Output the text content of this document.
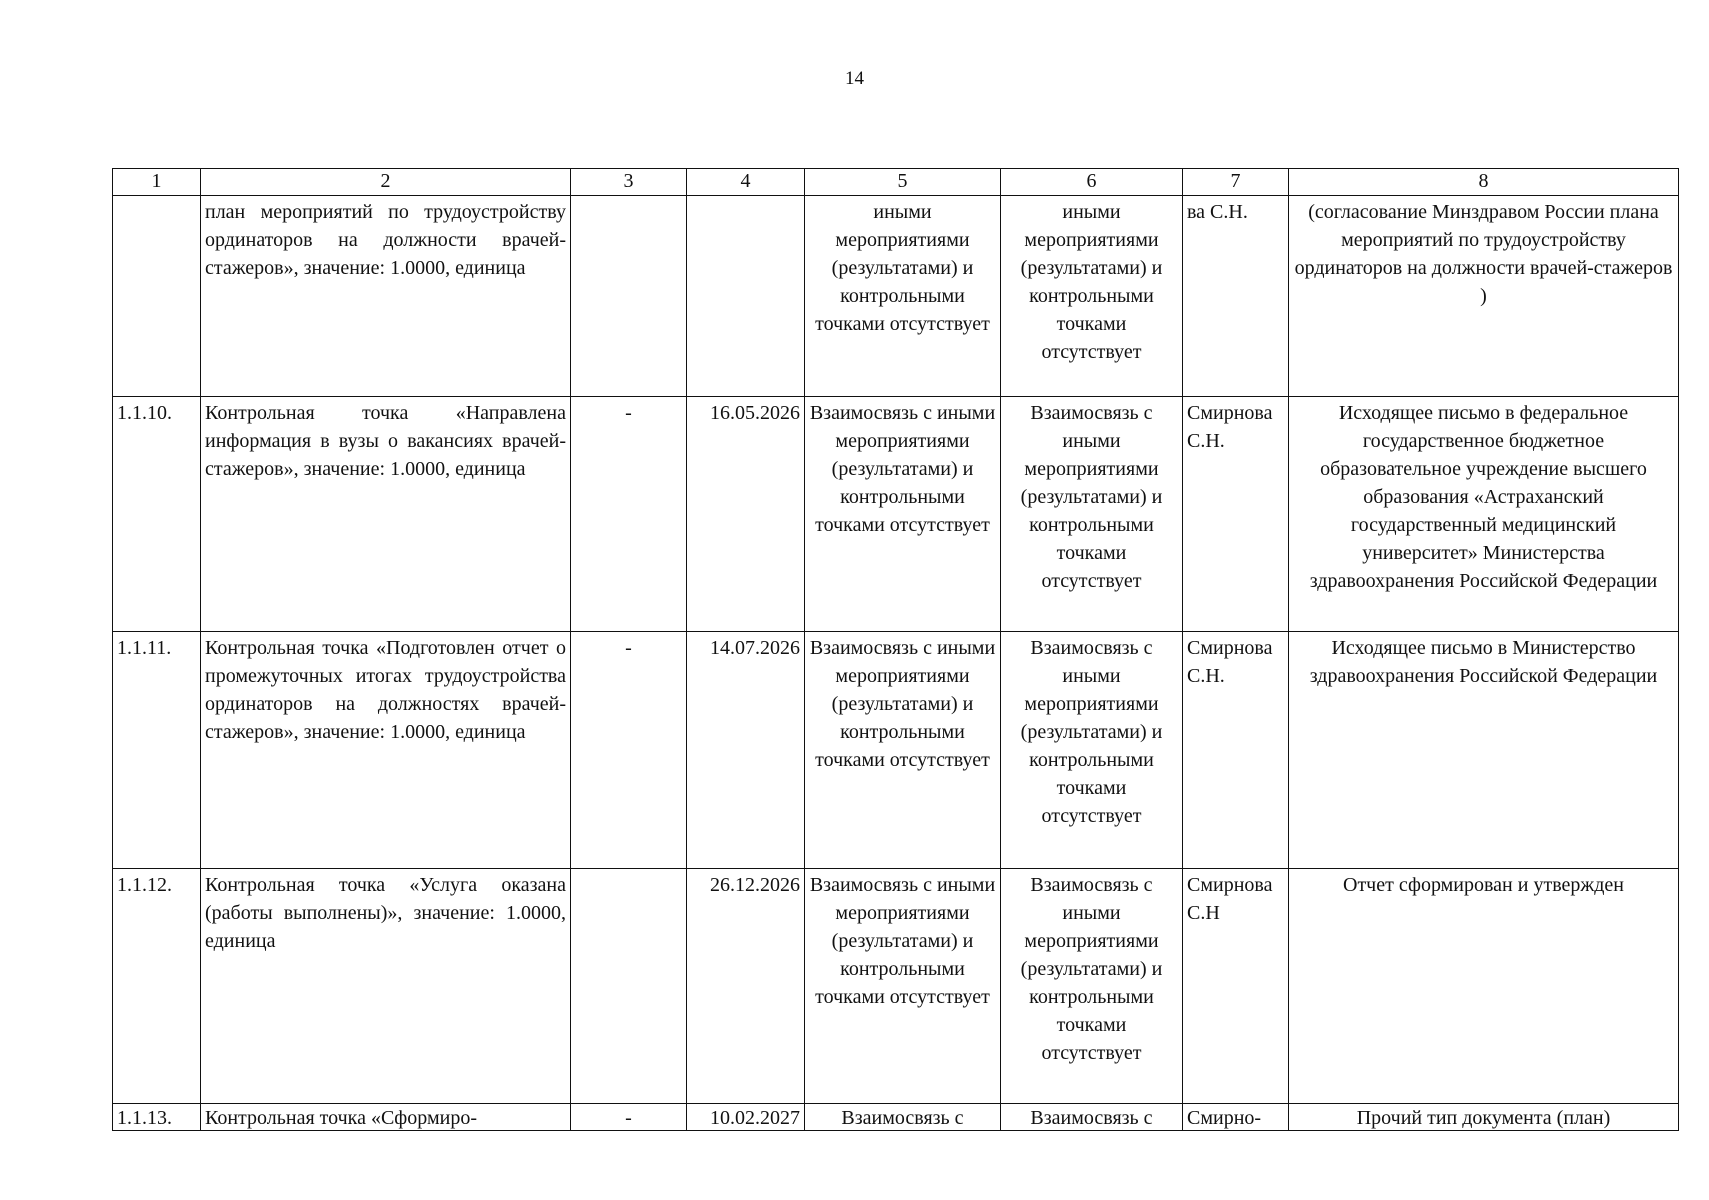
14
1	2	3	4	5	6	7	8
	план мероприятий по трудоустройству ординаторов на должности врачей-стажеров», значение: 1.0000, единица			иными мероприятиями (результатами) и контрольными точками отсутствует	иными мероприятиями (результатами) и контрольными точками отсутствует	ва С.Н.	(согласование Минздравом России плана мероприятий по трудоустройству ординаторов на должности врачей-стажеров )
1.1.10.	Контрольная точка «Направлена информация в вузы о вакансиях врачей-стажеров», значение: 1.0000, единица	-	16.05.2026	Взаимосвязь с иными мероприятиями (результатами) и контрольными точками отсутствует	Взаимосвязь с иными мероприятиями (результатами) и контрольными точками отсутствует	Смирнова С.Н.	Исходящее письмо в федеральное государственное бюджетное образовательное учреждение высшего образования «Астраханский государственный медицинский университет» Министерства здравоохранения Российской Федерации
1.1.11.	Контрольная точка «Подготовлен отчет о промежуточных итогах трудоустройства ординаторов на должностях врачей-стажеров», значение: 1.0000, единица	-	14.07.2026	Взаимосвязь с иными мероприятиями (результатами) и контрольными точками отсутствует	Взаимосвязь с иными мероприятиями (результатами) и контрольными точками отсутствует	Смирнова С.Н.	Исходящее письмо в Министерство здравоохранения Российской Федерации
1.1.12.	Контрольная точка «Услуга оказана (работы выполнены)», значение: 1.0000, единица		26.12.2026	Взаимосвязь с иными мероприятиями (результатами) и контрольными точками отсутствует	Взаимосвязь с иными мероприятиями (результатами) и контрольными точками отсутствует	Смирнова С.Н	Отчет сформирован и утвержден
1.1.13.	Контрольная точка «Сформиро-	-	10.02.2027	Взаимосвязь с	Взаимосвязь с	Смирно-	Прочий тип документа (план)
